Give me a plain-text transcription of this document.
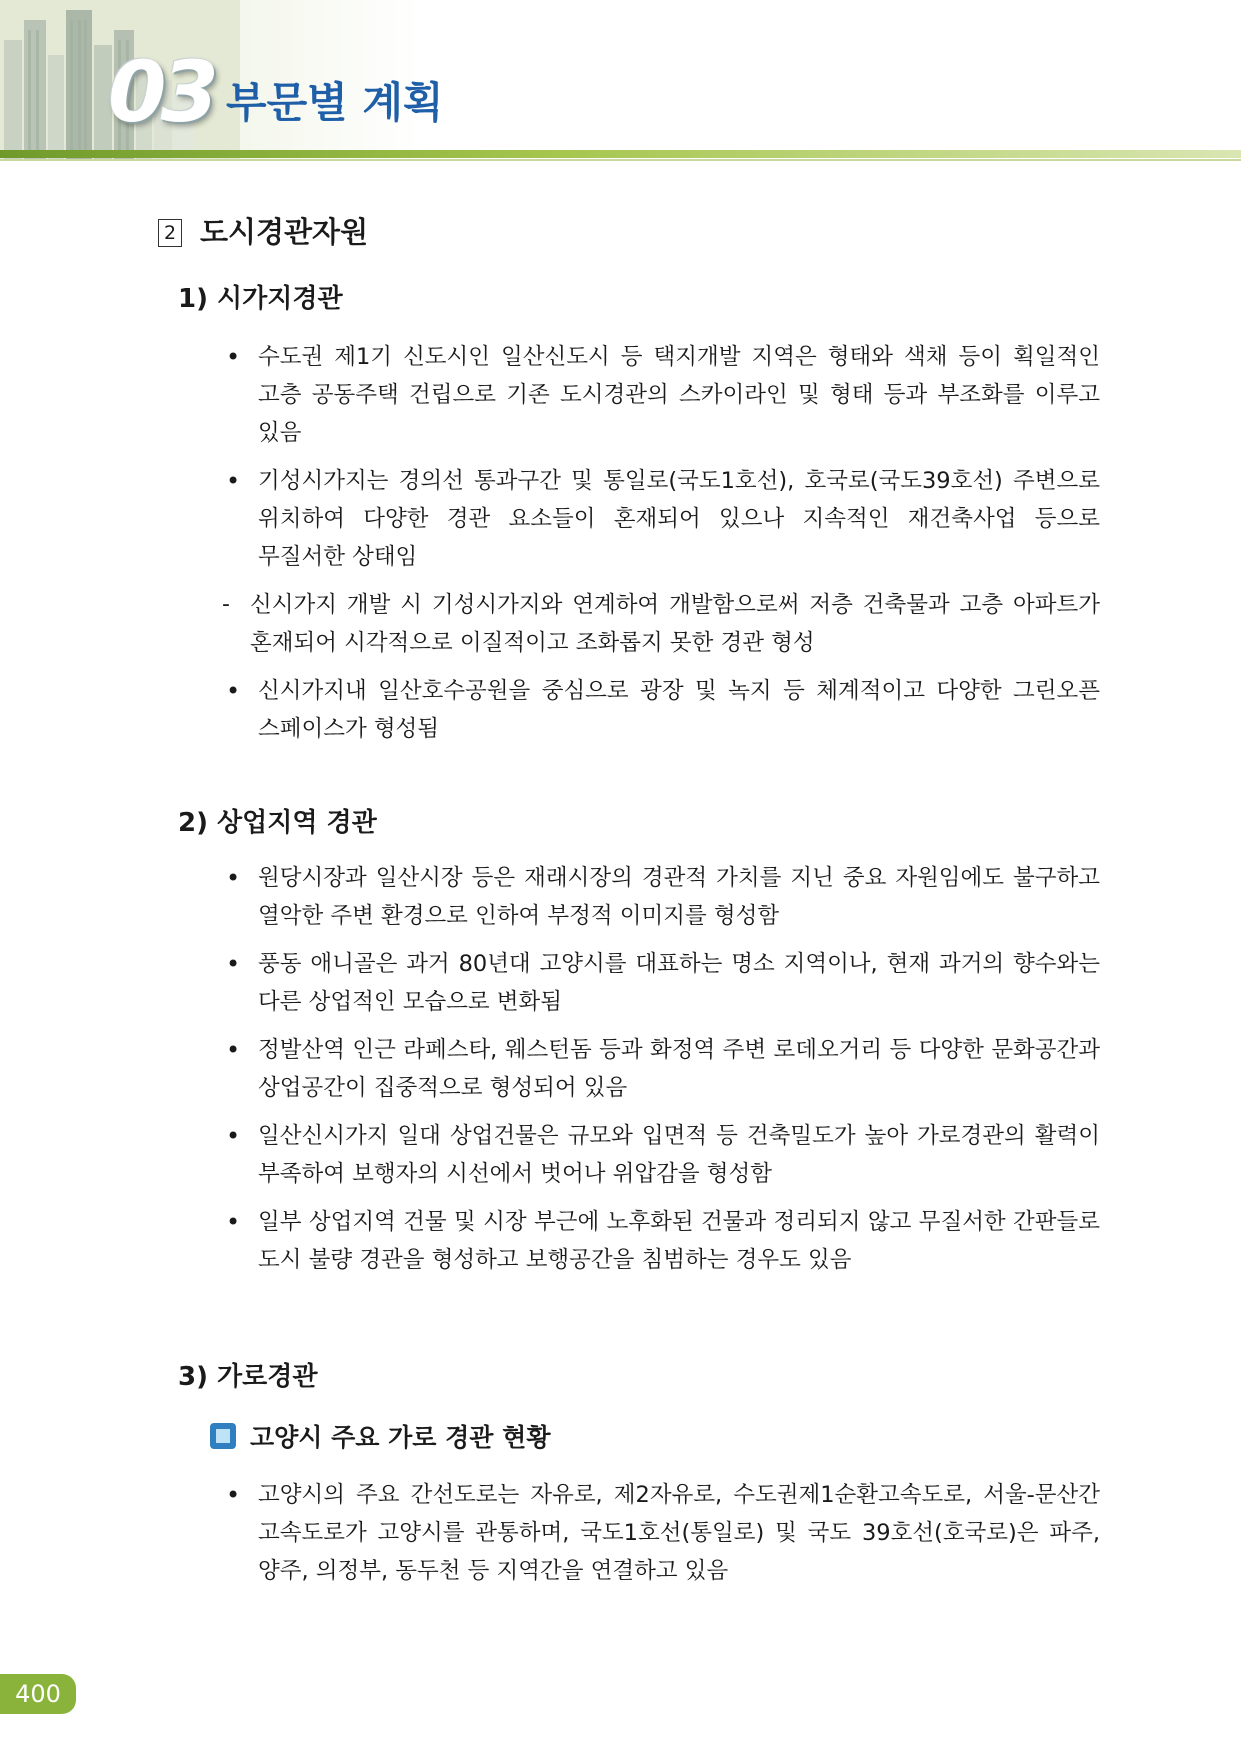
03 부문별 계획
2 도시경관자원
1) 시가지경관
• 수도권 제1기 신도시인 일산신도시 등 택지개발 지역은 형태와 색채 등이 획일적인 고층 공동주택 건립으로 기존 도시경관의 스카이라인 및 형태 등과 부조화를 이루고 있음
• 기성시가지는 경의선 통과구간 및 통일로(국도1호선), 호국로(국도39호선) 주변으로 위치하여 다양한 경관 요소들이 혼재되어 있으나 지속적인 재건축사업 등으로 무질서한 상태임
- 신시가지 개발 시 기성시가지와 연계하여 개발함으로써 저층 건축물과 고층 아파트가 혼재되어 시각적으로 이질적이고 조화롭지 못한 경관 형성
• 신시가지내 일산호수공원을 중심으로 광장 및 녹지 등 체계적이고 다양한 그린오픈 스페이스가 형성됨
2) 상업지역 경관
• 원당시장과 일산시장 등은 재래시장의 경관적 가치를 지닌 중요 자원임에도 불구하고 열악한 주변 환경으로 인하여 부정적 이미지를 형성함
• 풍동 애니골은 과거 80년대 고양시를 대표하는 명소 지역이나, 현재 과거의 향수와는 다른 상업적인 모습으로 변화됨
• 정발산역 인근 라페스타, 웨스턴돔 등과 화정역 주변 로데오거리 등 다양한 문화공간과 상업공간이 집중적으로 형성되어 있음
• 일산신시가지 일대 상업건물은 규모와 입면적 등 건축밀도가 높아 가로경관의 활력이 부족하여 보행자의 시선에서 벗어나 위압감을 형성함
• 일부 상업지역 건물 및 시장 부근에 노후화된 건물과 정리되지 않고 무질서한 간판들로 도시 불량 경관을 형성하고 보행공간을 침범하는 경우도 있음
3) 가로경관
고양시 주요 가로 경관 현황
• 고양시의 주요 간선도로는 자유로, 제2자유로, 수도권제1순환고속도로, 서울-문산간 고속도로가 고양시를 관통하며, 국도1호선(통일로) 및 국도 39호선(호국로)은 파주, 양주, 의정부, 동두천 등 지역간을 연결하고 있음
400
